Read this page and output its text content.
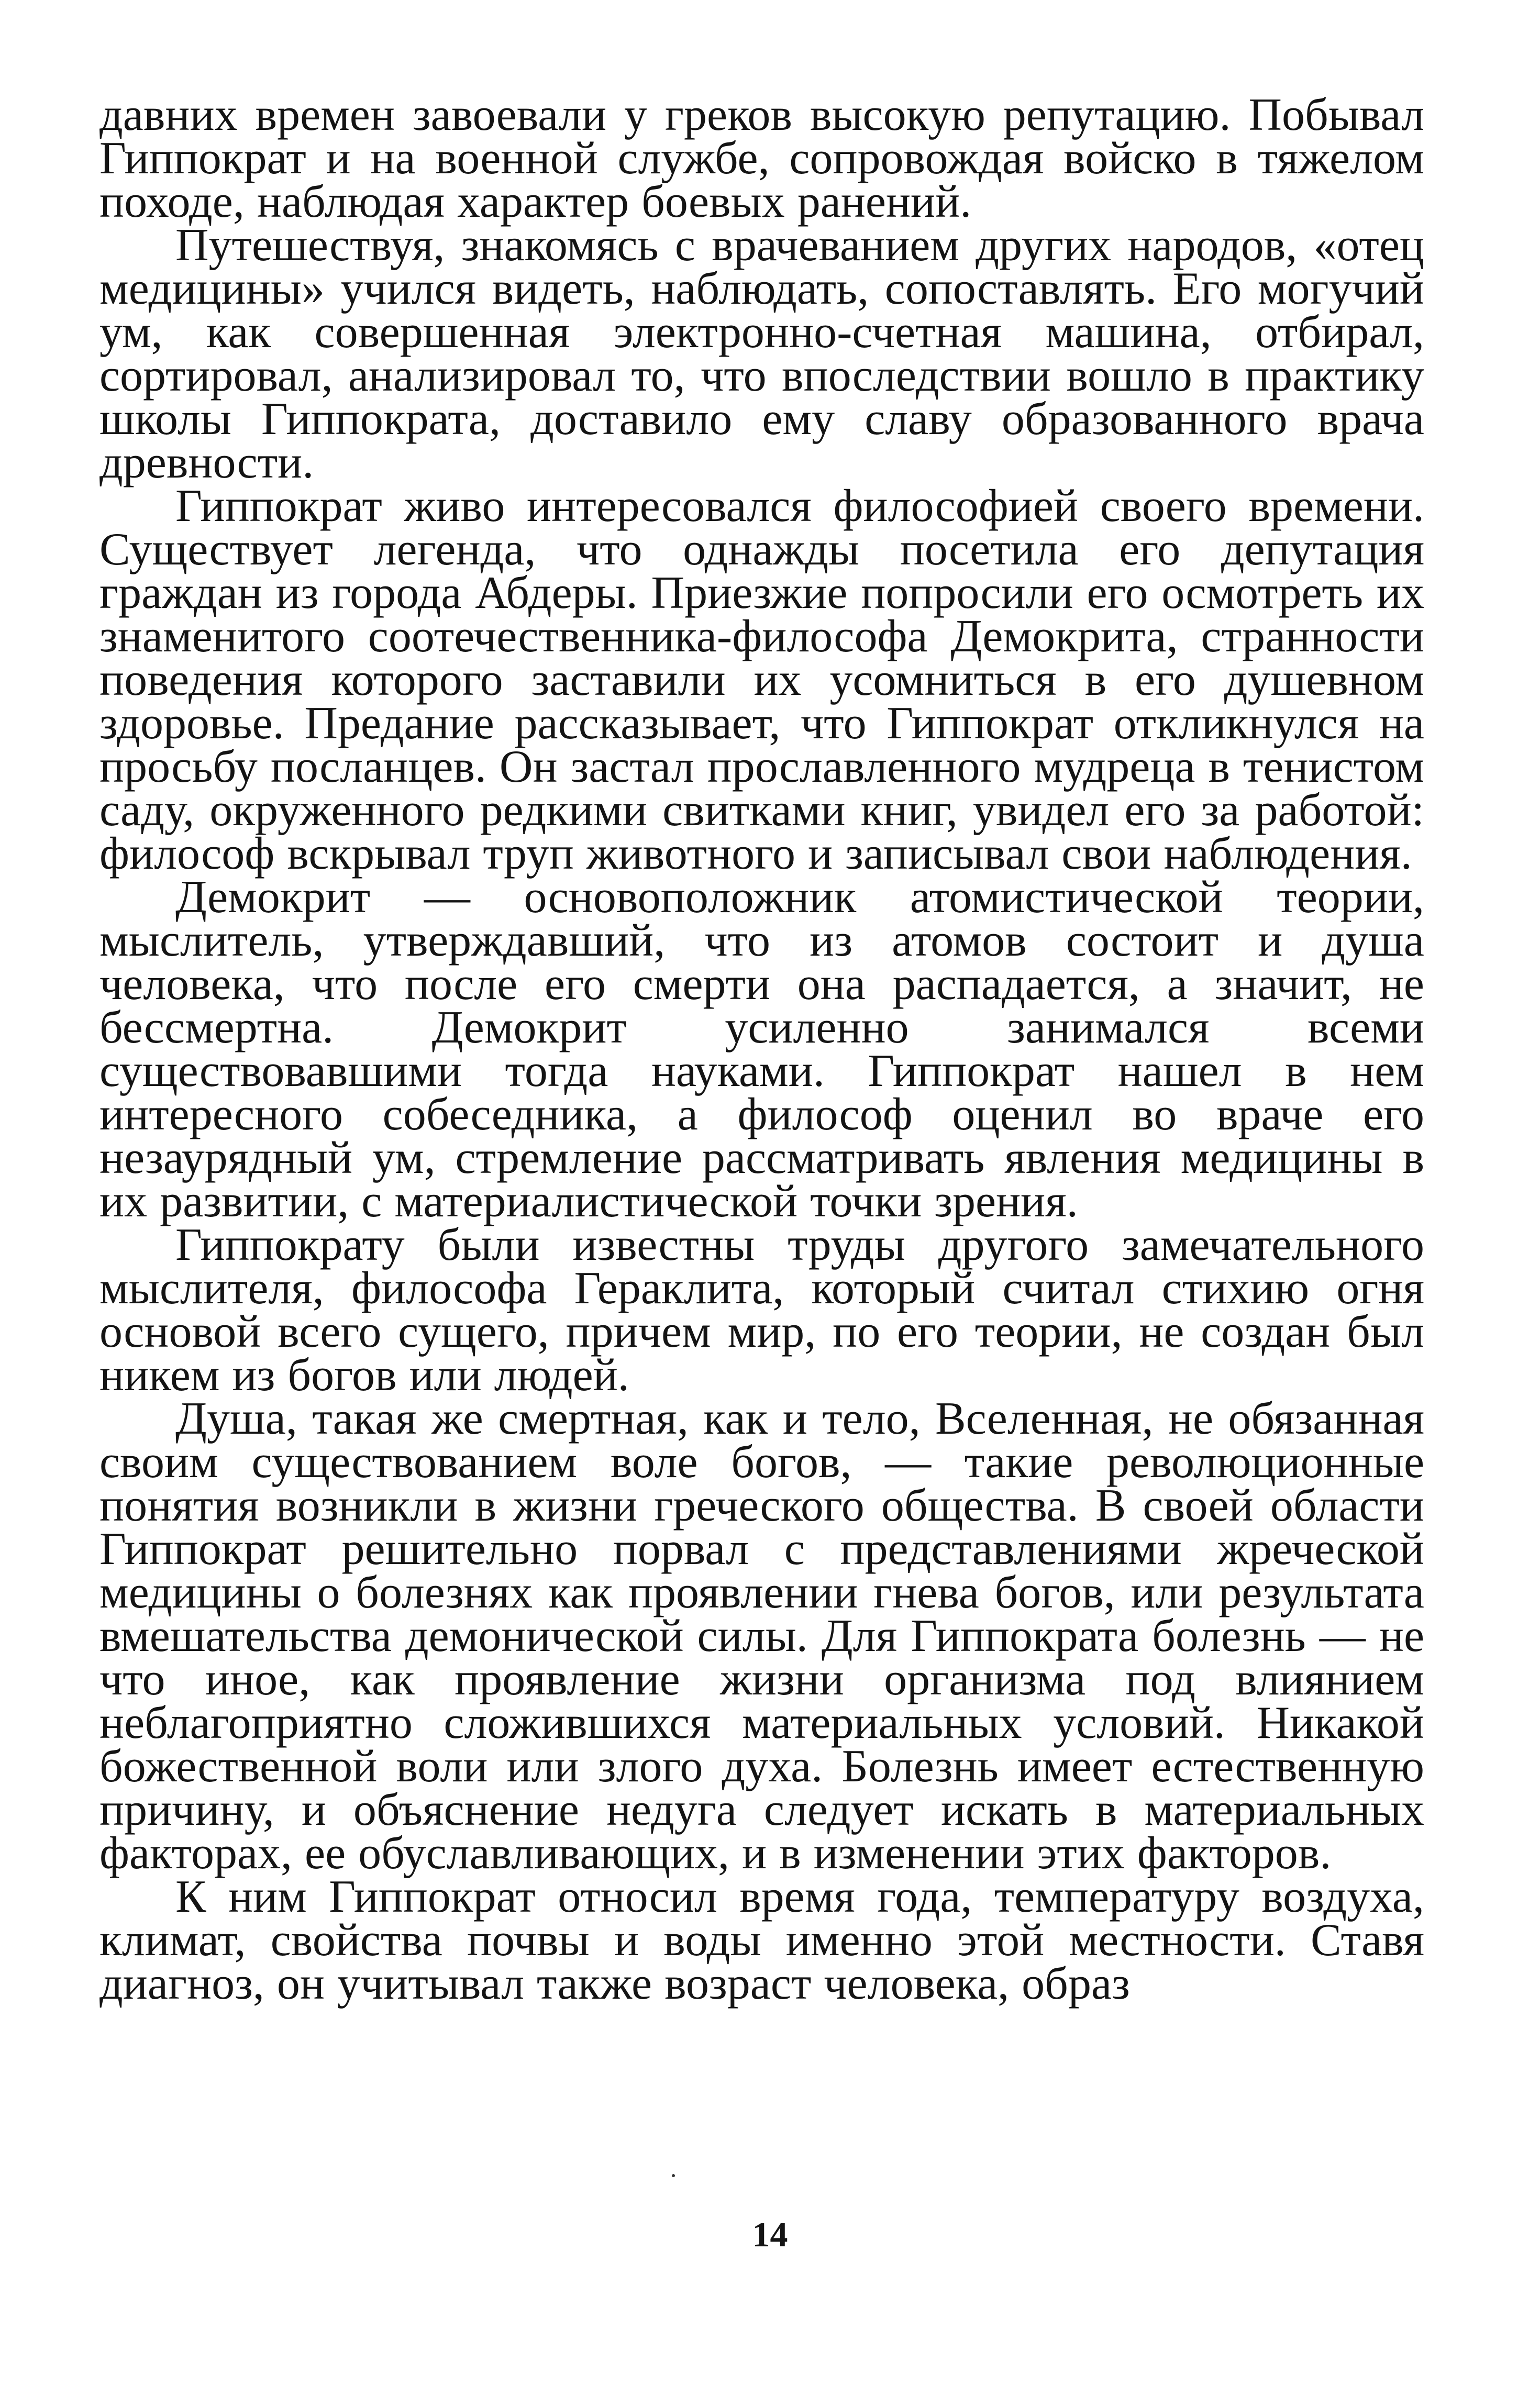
давних времен завоевали у греков высокую репутацию. Побывал Гиппократ и на военной службе, сопровождая войско в тяжелом походе, наблюдая характер боевых ранений.

Путешествуя, знакомясь с врачеванием других народов, «отец медицины» учился видеть, наблюдать, сопоставлять. Его могучий ум, как совершенная электронно-счетная машина, отбирал, сортировал, анализировал то, что впоследствии вошло в практику школы Гиппократа, доставило ему славу образованного врача древности.

Гиппократ живо интересовался философией своего времени. Существует легенда, что однажды посетила его депутация граждан из города Абдеры. Приезжие попросили его осмотреть их знаменитого соотечественника-философа Демокрита, странности поведения которого заставили их усомниться в его душевном здоровье. Предание рассказывает, что Гиппократ откликнулся на просьбу посланцев. Он застал прославленного мудреца в тенистом саду, окруженного редкими свитками книг, увидел его за работой: философ вскрывал труп животного и записывал свои наблюдения.

Демокрит — основоположник атомистической теории, мыслитель, утверждавший, что из атомов состоит и душа человека, что после его смерти она распадается, а значит, не бессмертна. Демокрит усиленно занимался всеми существовавшими тогда науками. Гиппократ нашел в нем интересного собеседника, а философ оценил во враче его незаурядный ум, стремление рассматривать явления медицины в их развитии, с материалистической точки зрения.

Гиппократу были известны труды другого замечательного мыслителя, философа Гераклита, который считал стихию огня основой всего сущего, причем мир, по его теории, не создан был никем из богов или людей.

Душа, такая же смертная, как и тело, Вселенная, не обязанная своим существованием воле богов, — такие революционные понятия возникли в жизни греческого общества. В своей области Гиппократ решительно порвал с представлениями жреческой медицины о болезнях как проявлении гнева богов, или результата вмешательства демонической силы. Для Гиппократа болезнь — не что иное, как проявление жизни организма под влиянием неблагоприятно сложившихся материальных условий. Никакой божественной воли или злого духа. Болезнь имеет естественную причину, и объяснение недуга следует искать в материальных факторах, ее обуславливающих, и в изменении этих факторов.

К ним Гиппократ относил время года, температуру воздуха, климат, свойства почвы и воды именно этой местности. Ставя диагноз, он учитывал также возраст человека, образ

14
